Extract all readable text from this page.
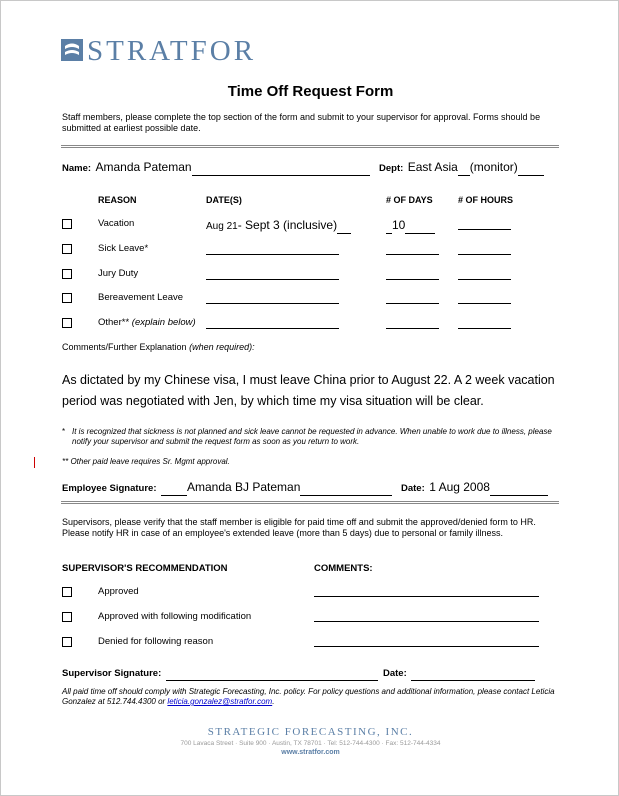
STRATFOR
Time Off Request Form
Staff members, please complete the top section of the form and submit to your supervisor for approval. Forms should be submitted at earliest possible date.
Name: Amanda Pateman	Dept: East Asia (monitor)
REASON	DATE(S)	# OF DAYS	# OF HOURS
Vacation	Aug 21- Sept 3 (inclusive)	10
Sick Leave*
Jury Duty
Bereavement Leave
Other** (explain below)
Comments/Further Explanation (when required):
As dictated by my Chinese visa, I must leave China prior to August 22. A 2 week vacation period was negotiated with Jen, by which time my visa situation will be clear.
* It is recognized that sickness is not planned and sick leave cannot be requested in advance. When unable to work due to illness, please notify your supervisor and submit the request form as soon as you return to work.
** Other paid leave requires Sr. Mgmt approval.
Employee Signature:	Amanda BJ Pateman	Date: 1 Aug 2008
Supervisors, please verify that the staff member is eligible for paid time off and submit the approved/denied form to HR. Please notify HR in case of an employee's extended leave (more than 5 days) due to personal or family illness.
SUPERVISOR'S RECOMMENDATION	COMMENTS:
Approved
Approved with following modification
Denied for following reason
Supervisor Signature:	Date:
All paid time off should comply with Strategic Forecasting, Inc. policy. For policy questions and additional information, please contact Leticia Gonzalez at 512.744.4300 or leticia.gonzalez@stratfor.com.
STRATEGIC FORECASTING, INC.
700 Lavaca Street · Suite 900 · Austin, TX 78701 · Tel: 512-744-4300 · Fax: 512-744-4334
www.stratfor.com
